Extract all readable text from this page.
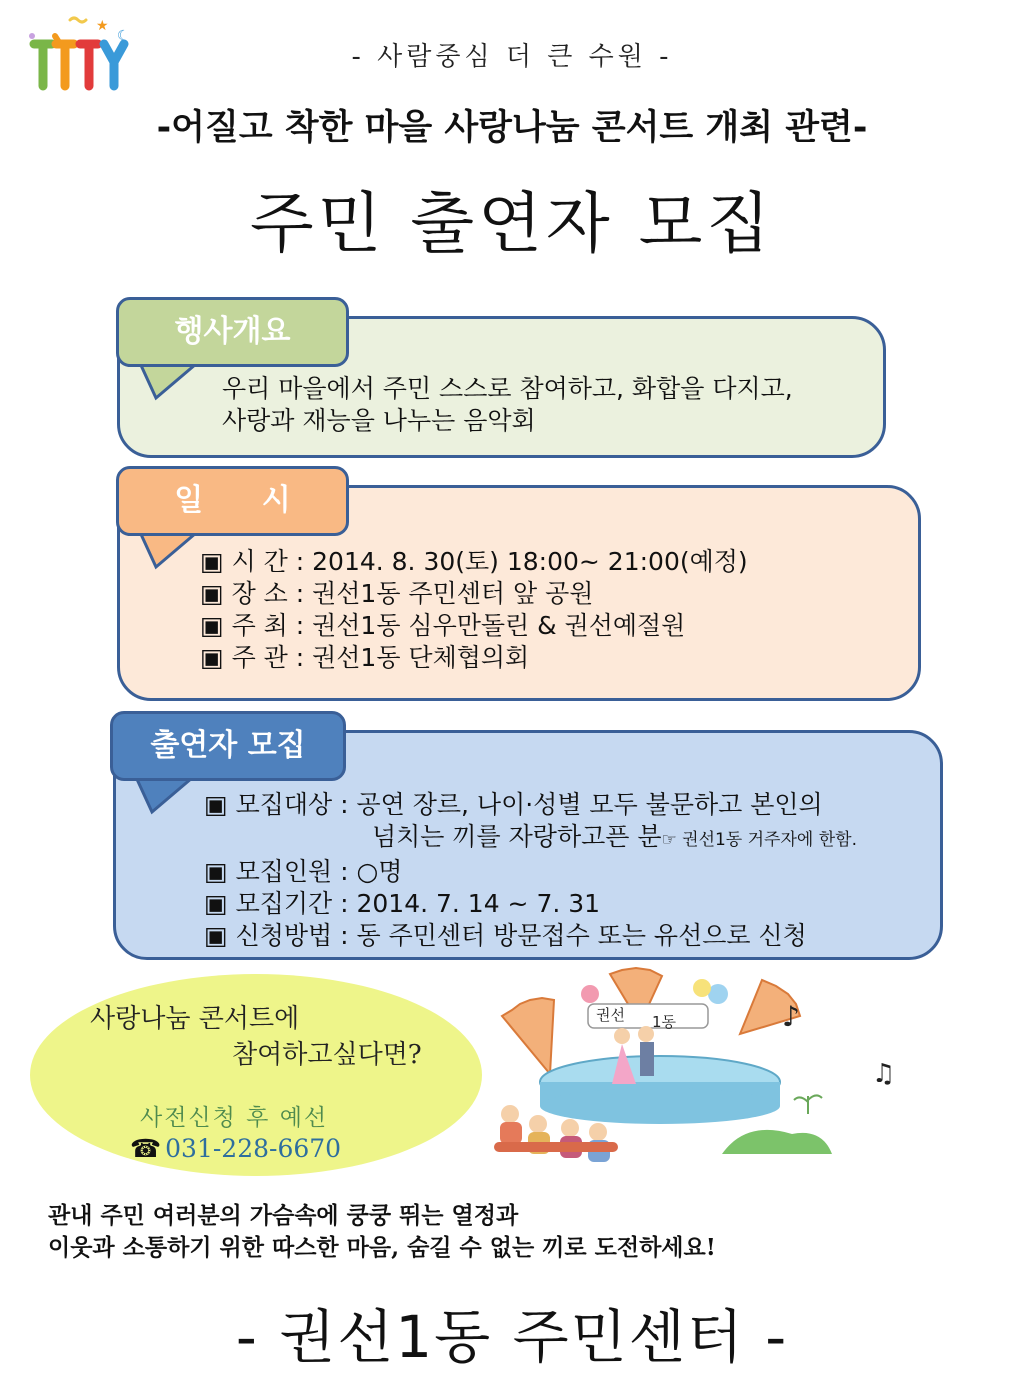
★
☾
- 사람중심 더 큰 수원 -
-어질고 착한 마을 사랑나눔 콘서트 개최 관련-
주민 출연자 모집
행사개요
우리 마을에서 주민 스스로 참여하고, 화합을 다지고,
사랑과 재능을 나누는 음악회
일 시
▣ 시 간 : 2014. 8. 30(토) 18:00~ 21:00(예정)
▣ 장 소 : 권선1동 주민센터 앞 공원
▣ 주 최 : 권선1동 심우만돌린 & 권선예절원
▣ 주 관 : 권선1동 단체협의회
출연자 모집
▣ 모집대상 : 공연 장르, 나이·성별 모두 불문하고 본인의
넘치는 끼를 자랑하고픈 분☞ 권선1동 거주자에 한함.
▣ 모집인원 : ○명
▣ 모집기간 : 2014. 7. 14 ~ 7. 31
▣ 신청방법 : 동 주민센터 방문접수 또는 유선으로 신청
사랑나눔 콘서트에
참여하고싶다면?
사전신청 후 예선
☎ 031-228-6670
♪
♫
권선 1동
관내 주민 여러분의 가슴속에 쿵쿵 뛰는 열정과
이웃과 소통하기 위한 따스한 마음, 숨길 수 없는 끼로 도전하세요!
- 권선1동 주민센터 -
